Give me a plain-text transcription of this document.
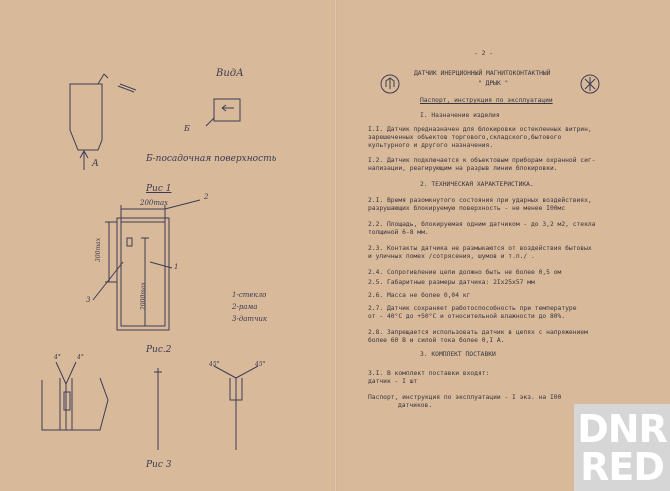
ВидА
Б
А	Б-посадочная поверхность
Рис 1
200max
2
300max
2000max
1
3
1-стекло
2-рама
3-датчик
Рис.2
4°	4°
45°	45°
Рис 3
- 2 -
ДАТЧИК ИНЕРЦИОННЫЙ МАГНИТОКОНТАКТНЫЙ
" ДРЫК "
Паспорт, инструкция по эксплуатации
I. Назначение изделия
I.I. Датчик предназначен для блокировки остекленных витрин,
зарешеченных объектов торгового,складского,бытового
культурного и другого назначения.
I.2. Датчик подключается к объектовым приборам охранной сиг-
нализации, реагирующим на разрыв линии блокировки.
2. ТЕХНИЧЕСКАЯ ХАРАКТЕРИСТИКА.
2.I. Время разомкнутого состояния при ударных воздействиях,
разрушающих блокируемую поверхность - не менее I00мс
2.2. Площадь, блокируемая одним датчиком - до 3,2 м2, стекла
толщиной 6-8 мм.
2.3. Контакты датчика не размыкаются от воздействия бытовых
и уличных помех /сотрясения, шумов и т.п./ .
2.4. Сопротивление цепи должно быть не более 0,5 ом
2.5. Габаритные размеры датчика: 2Iх25х57 мм
2.6. Масса не более 0,04 кг
2.7. Датчик сохраняет работоспособность при температуре
от - 40°С до +50°С и относительной влажности до 80%.
2.8. Запрещается использовать датчик в цепях с напряжением
более 60 В и силой тока более 0,I А.
3. КОМПЛЕКТ ПОСТАВКИ
3.I. В комплект поставки входят:
датчик - I шт
Паспорт, инструкция по эксплуатации - I экз. на I00
датчиков.
DNR
RED
